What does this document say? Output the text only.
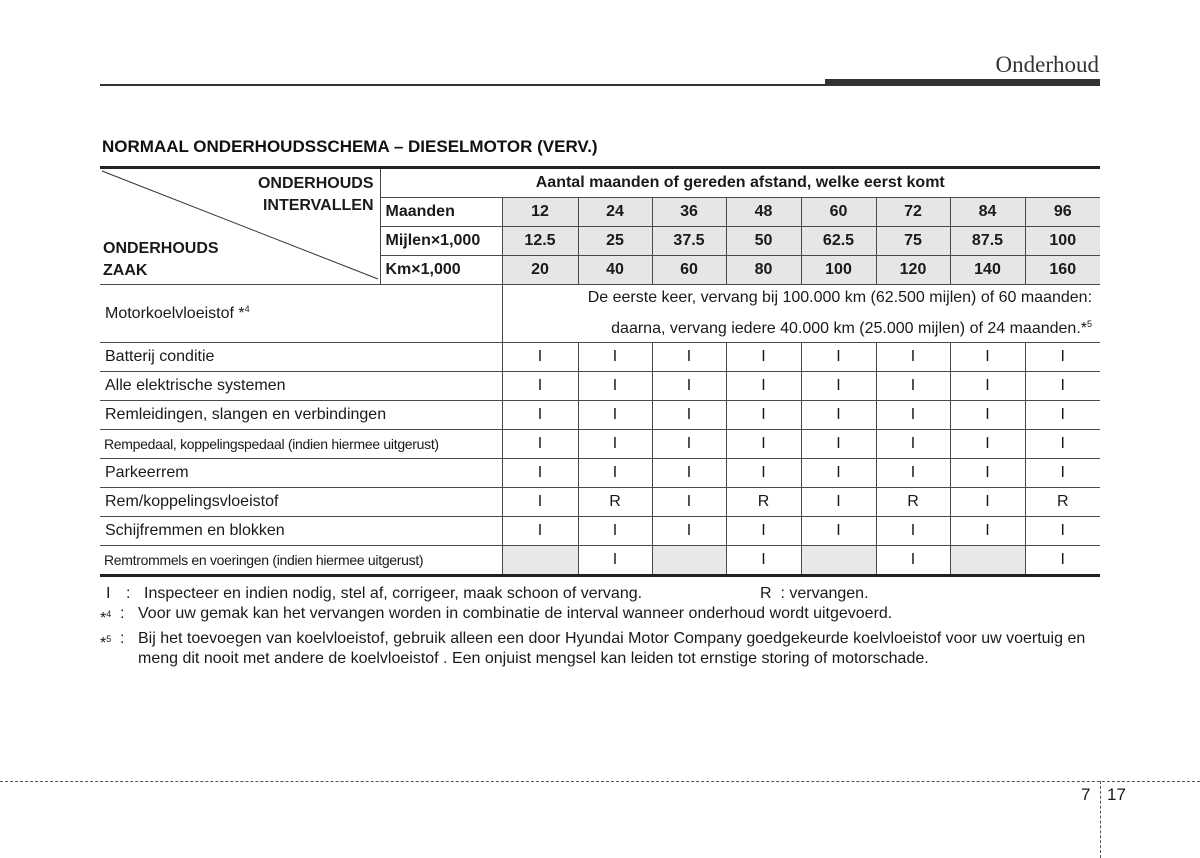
Onderhoud
NORMAAL ONDERHOUDSSCHEMA – DIESELMOTOR (VERV.)
ONDERHOUDS
INTERVALLEN
ONDERHOUDS
ZAAK	Aantal maanden of gereden afstand, welke eerst komt								
	Maanden	12	24	36	48	60	72	84	96
	Mijlen×1,000	12.5	25	37.5	50	62.5	75	87.5	100
	Km×1,000	20	40	60	80	100	120	140	160
Motorkoelvloeistof *$^4$		De eerste keer, vervang bij 100.000 km (62.500 mijlen) of 60 maanden:
daarna, vervang iedere 40.000 km (25.000 mijlen) of 24 maanden.*$^5$

Batterij conditie		I	I	I	I	I	I	I	I
Alle elektrische systemen		I	I	I	I	I	I	I	I
Remleidingen, slangen en verbindingen		I	I	I	I	I	I	I	I
Rempedaal, koppelingspedaal (indien hiermee uitgerust)		I	I	I	I	I	I	I	I
Parkeerrem		I	I	I	I	I	I	I	I
Rem/koppelingsvloeistof		I	R	I	R	I	R	I	R
Schijfremmen en blokken		I	I	I	I	I	I	I	I
Remtrommels en voeringen (indien hiermee uitgerust)			I		I		I		I
I : Inspecteer en indien nodig, stel af, corrigeer, maak schoon of vervang.	R  : vervangen.
*$^4$ : Voor uw gemak kan het vervangen worden in combinatie de interval wanneer onderhoud wordt uitgevoerd.
*$^5$ : Bij het toevoegen van koelvloeistof, gebruik alleen een door Hyundai Motor Company goedgekeurde koelvloeistof voor uw voertuig en meng dit nooit met andere de koelvloeistof . Een onjuist mengsel kan leiden tot ernstige storing of motorschade.
7 17
